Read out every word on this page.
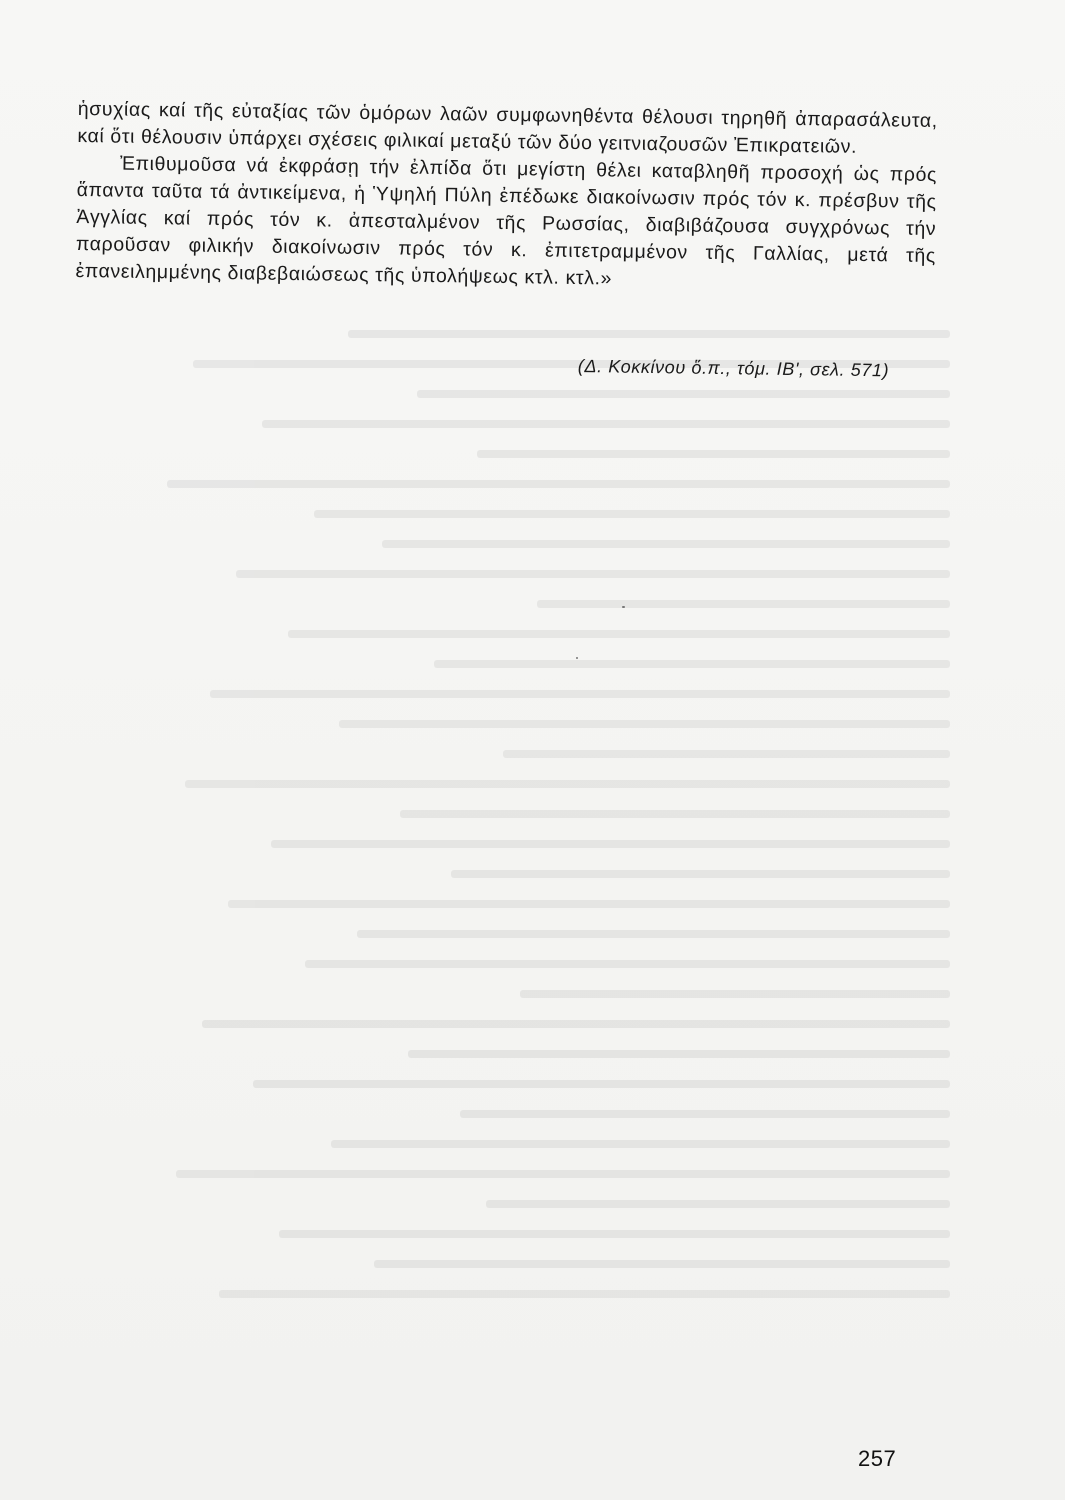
ἡσυχίας καί τῆς εὐταξίας τῶν ὁμόρων λαῶν συμφωνηθέντα θέλουσι τηρηθῆ ἀπαρασάλευτα, καί ὅτι θέλουσιν ὑπάρχει σχέσεις φιλικαί μεταξύ τῶν δύο γειτνιαζουσῶν Ἐπικρατειῶν.

Ἐπιθυμοῦσα νά ἐκφράσῃ τήν ἐλπίδα ὅτι μεγίστη θέλει καταβληθῆ προσοχή ὡς πρός ἅπαντα ταῦτα τά ἀντικείμενα, ἡ Ὑψηλή Πύλη ἐπέδωκε διακοίνωσιν πρός τόν κ. πρέσβυν τῆς Ἀγγλίας καί πρός τόν κ. ἀπεσταλμένον τῆς Ρωσσίας, διαβιβάζουσα συγχρόνως τήν παροῦσαν φιλικήν διακοίνωσιν πρός τόν κ. ἐπιτετραμμένον τῆς Γαλλίας, μετά τῆς ἐπανειλημμένης διαβεβαιώσεως τῆς ὑπολήψεως κτλ. κτλ.»

(Δ. Κοκκίνου ὅ.π., τόμ. ΙΒ', σελ. 571)
257
